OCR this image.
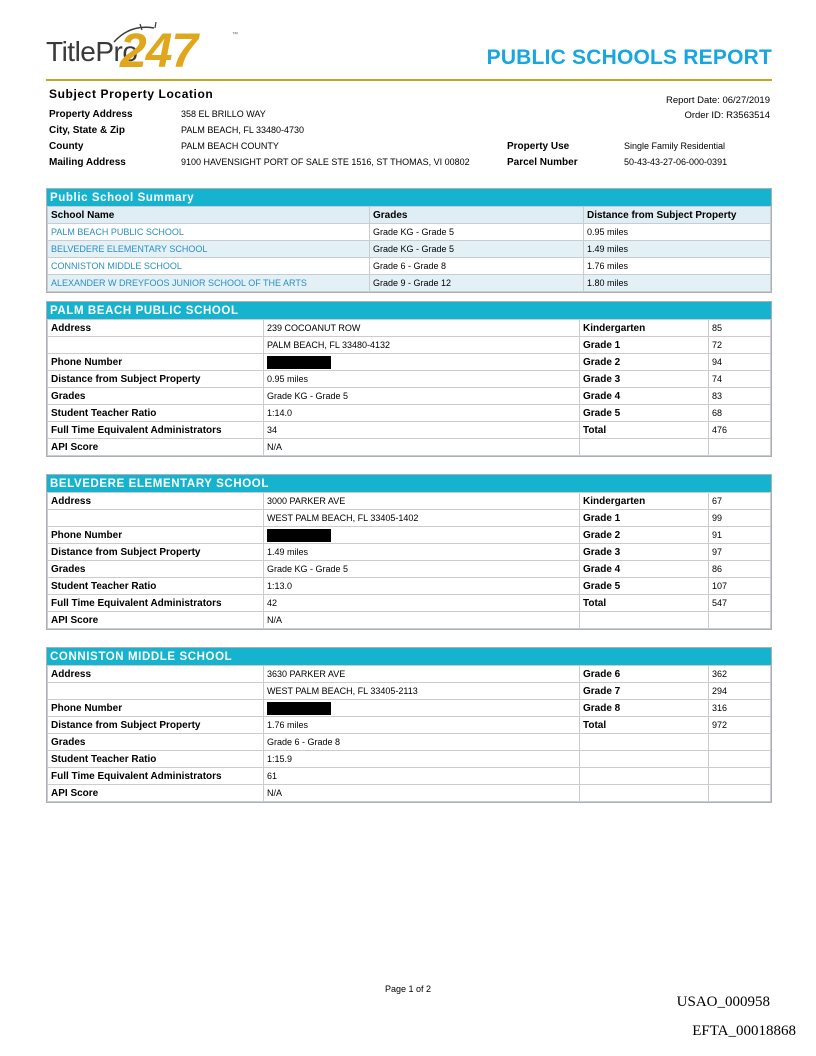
TitlePro
247	™
PUBLIC SCHOOLS REPORT
Subject Property Location	Report Date: 06/27/2019
Order ID: R3563514
Property Address	358 EL BRILLO WAY
City, State & Zip	PALM BEACH, FL 33480-4730
County	PALM BEACH COUNTY
Mailing Address	9100 HAVENSIGHT PORT OF SALE STE 1516, ST THOMAS, VI 00802
Property Use	Single Family Residential
Parcel Number	50-43-43-27-06-000-0391
Public School Summary
School Name	Grades	Distance from Subject Property
PALM BEACH PUBLIC SCHOOL	Grade KG - Grade 5	0.95 miles
BELVEDERE ELEMENTARY SCHOOL	Grade KG - Grade 5	1.49 miles
CONNISTON MIDDLE SCHOOL	Grade 6 - Grade 8	1.76 miles
ALEXANDER W DREYFOOS JUNIOR SCHOOL OF THE ARTS	Grade 9 - Grade 12	1.80 miles
PALM BEACH PUBLIC SCHOOL
Address	239 COCOANUT ROW	Kindergarten	85
	PALM BEACH, FL 33480-4132	Grade 1	72
Phone Number		Grade 2	94
Distance from Subject Property	0.95 miles	Grade 3	74
Grades	Grade KG - Grade 5	Grade 4	83
Student Teacher Ratio	1:14.0	Grade 5	68
Full Time Equivalent Administrators	34	Total	476
API Score	N/A		
BELVEDERE ELEMENTARY SCHOOL
Address	3000 PARKER AVE	Kindergarten	67
	WEST PALM BEACH, FL 33405-1402	Grade 1	99
Phone Number		Grade 2	91
Distance from Subject Property	1.49 miles	Grade 3	97
Grades	Grade KG - Grade 5	Grade 4	86
Student Teacher Ratio	1:13.0	Grade 5	107
Full Time Equivalent Administrators	42	Total	547
API Score	N/A		
CONNISTON MIDDLE SCHOOL
Address	3630 PARKER AVE	Grade 6	362
	WEST PALM BEACH, FL 33405-2113	Grade 7	294
Phone Number		Grade 8	316
Distance from Subject Property	1.76 miles	Total	972
Grades	Grade 6 - Grade 8		
Student Teacher Ratio	1:15.9		
Full Time Equivalent Administrators	61		
API Score	N/A		
Page 1 of 2
USAO_000958
EFTA_00018868
